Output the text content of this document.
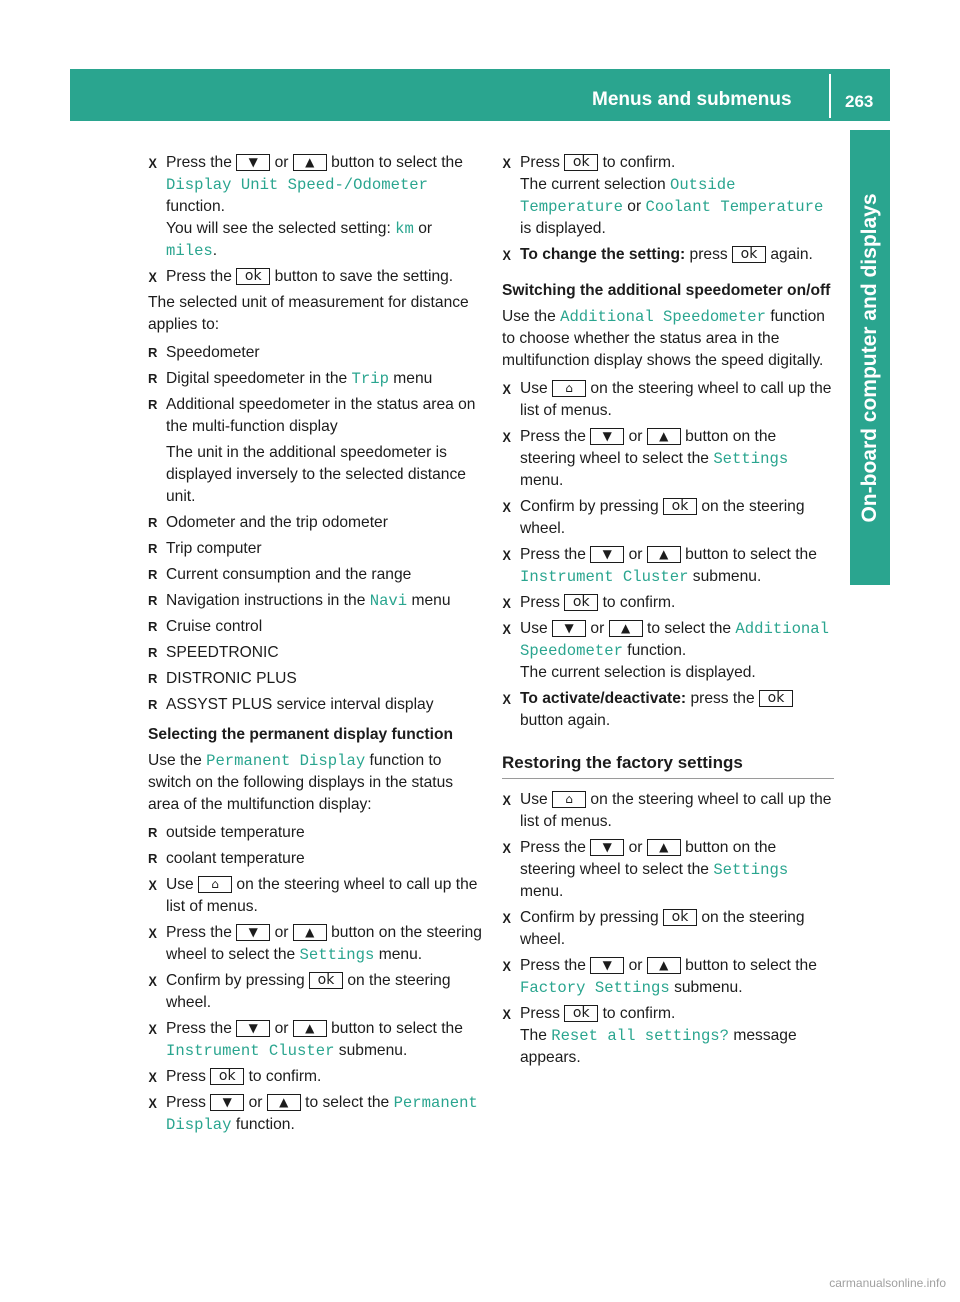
Menus and submenus	263
On-board computer and displays
X Press the ▼ or ▲ button to select the Display Unit Speed-/Odometer function.
You will see the selected setting: km or miles.
X Press the ok button to save the setting.
The selected unit of measurement for distance applies to:
R Speedometer
R Digital speedometer in the Trip menu
R Additional speedometer in the status area on the multi-function display
The unit in the additional speedometer is displayed inversely to the selected distance unit.
R Odometer and the trip odometer
R Trip computer
R Current consumption and the range
R Navigation instructions in the Navi menu
R Cruise control
R SPEEDTRONIC
R DISTRONIC PLUS
R ASSYST PLUS service interval display
Selecting the permanent display function
Use the Permanent Display function to switch on the following displays in the status area of the multifunction display:
R outside temperature
R coolant temperature
X Use ⌂ on the steering wheel to call up the list of menus.
X Press the ▼ or ▲ button on the steering wheel to select the Settings menu.
X Confirm by pressing ok on the steering wheel.
X Press the ▼ or ▲ button to select the Instrument Cluster submenu.
X Press ok to confirm.
X Press ▼ or ▲ to select the Permanent Display function.
X Press ok to confirm.
The current selection Outside Temperature or Coolant Temperature is displayed.
X To change the setting: press ok again.
Switching the additional speedometer on/off
Use the Additional Speedometer function to choose whether the status area in the multifunction display shows the speed digitally.
X Use ⌂ on the steering wheel to call up the list of menus.
X Press the ▼ or ▲ button on the steering wheel to select the Settings menu.
X Confirm by pressing ok on the steering wheel.
X Press the ▼ or ▲ button to select the Instrument Cluster submenu.
X Press ok to confirm.
X Use ▼ or ▲ to select the Additional Speedometer function.
The current selection is displayed.
X To activate/deactivate: press the ok button again.
Restoring the factory settings
X Use ⌂ on the steering wheel to call up the list of menus.
X Press the ▼ or ▲ button on the steering wheel to select the Settings menu.
X Confirm by pressing ok on the steering wheel.
X Press the ▼ or ▲ button to select the Factory Settings submenu.
X Press ok to confirm.
The Reset all settings? message appears.
carmanualsonline.info
